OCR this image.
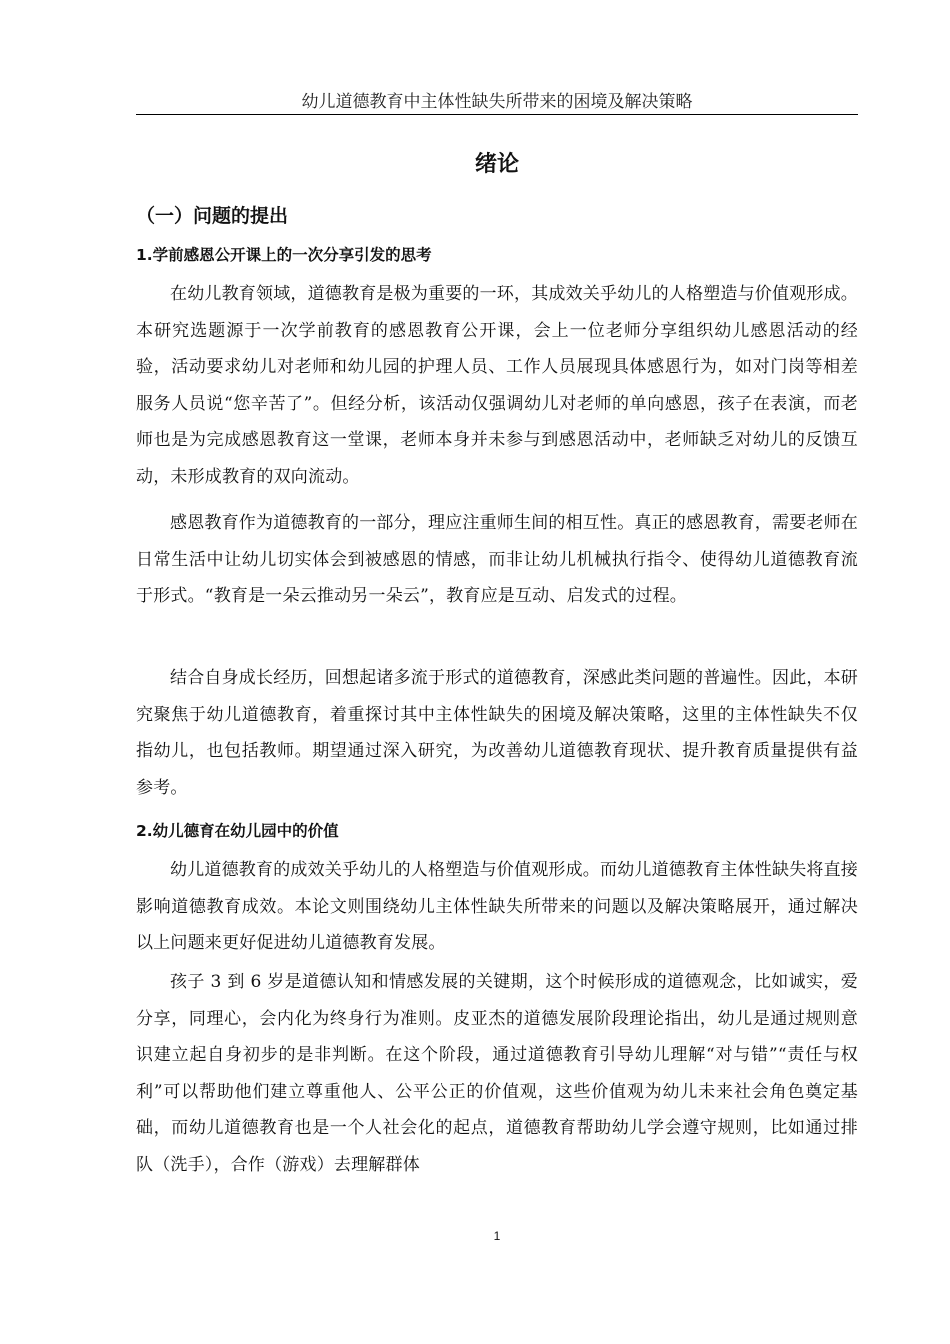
幼儿道德教育中主体性缺失所带来的困境及解决策略
绪论
（一）问题的提出
1.学前感恩公开课上的一次分享引发的思考

在幼儿教育领域，道德教育是极为重要的一环，其成效关乎幼儿的人格塑造与价值观形成。本研究选题源于一次学前教育的感恩教育公开课，会上一位老师分享组织幼儿感恩活动的经验，活动要求幼儿对老师和幼儿园的护理人员、工作人员展现具体感恩行为，如对门岗等相差服务人员说“您辛苦了”。但经分析，该活动仅强调幼儿对老师的单向感恩，孩子在表演，而老师也是为完成感恩教育这一堂课，老师本身并未参与到感恩活动中，老师缺乏对幼儿的反馈互动，未形成教育的双向流动。

感恩教育作为道德教育的一部分，理应注重师生间的相互性。真正的感恩教育，需要老师在日常生活中让幼儿切实体会到被感恩的情感，而非让幼儿机械执行指令、使得幼儿道德教育流于形式。“教育是一朵云推动另一朵云”，教育应是互动、启发式的过程。

结合自身成长经历，回想起诸多流于形式的道德教育，深感此类问题的普遍性。因此，本研究聚焦于幼儿道德教育，着重探讨其中主体性缺失的困境及解决策略，这里的主体性缺失不仅指幼儿，也包括教师。期望通过深入研究，为改善幼儿道德教育现状、提升教育质量提供有益参考。

2.幼儿德育在幼儿园中的价值

幼儿道德教育的成效关乎幼儿的人格塑造与价值观形成。而幼儿道德教育主体性缺失将直接影响道德教育成效。本论文则围绕幼儿主体性缺失所带来的问题以及解决策略展开，通过解决以上问题来更好促进幼儿道德教育发展。

孩子 3 到 6 岁是道德认知和情感发展的关键期，这个时候形成的道德观念，比如诚实，爱分享，同理心，会内化为终身行为准则。皮亚杰的道德发展阶段理论指出，幼儿是通过规则意识建立起自身初步的是非判断。在这个阶段，通过道德教育引导幼儿理解“对与错”“责任与权利”可以帮助他们建立尊重他人、公平公正的价值观，这些价值观为幼儿未来社会角色奠定基础，而幼儿道德教育也是一个人社会化的起点，道德教育帮助幼儿学会遵守规则，比如通过排队（洗手），合作（游戏）去理解群体

1
